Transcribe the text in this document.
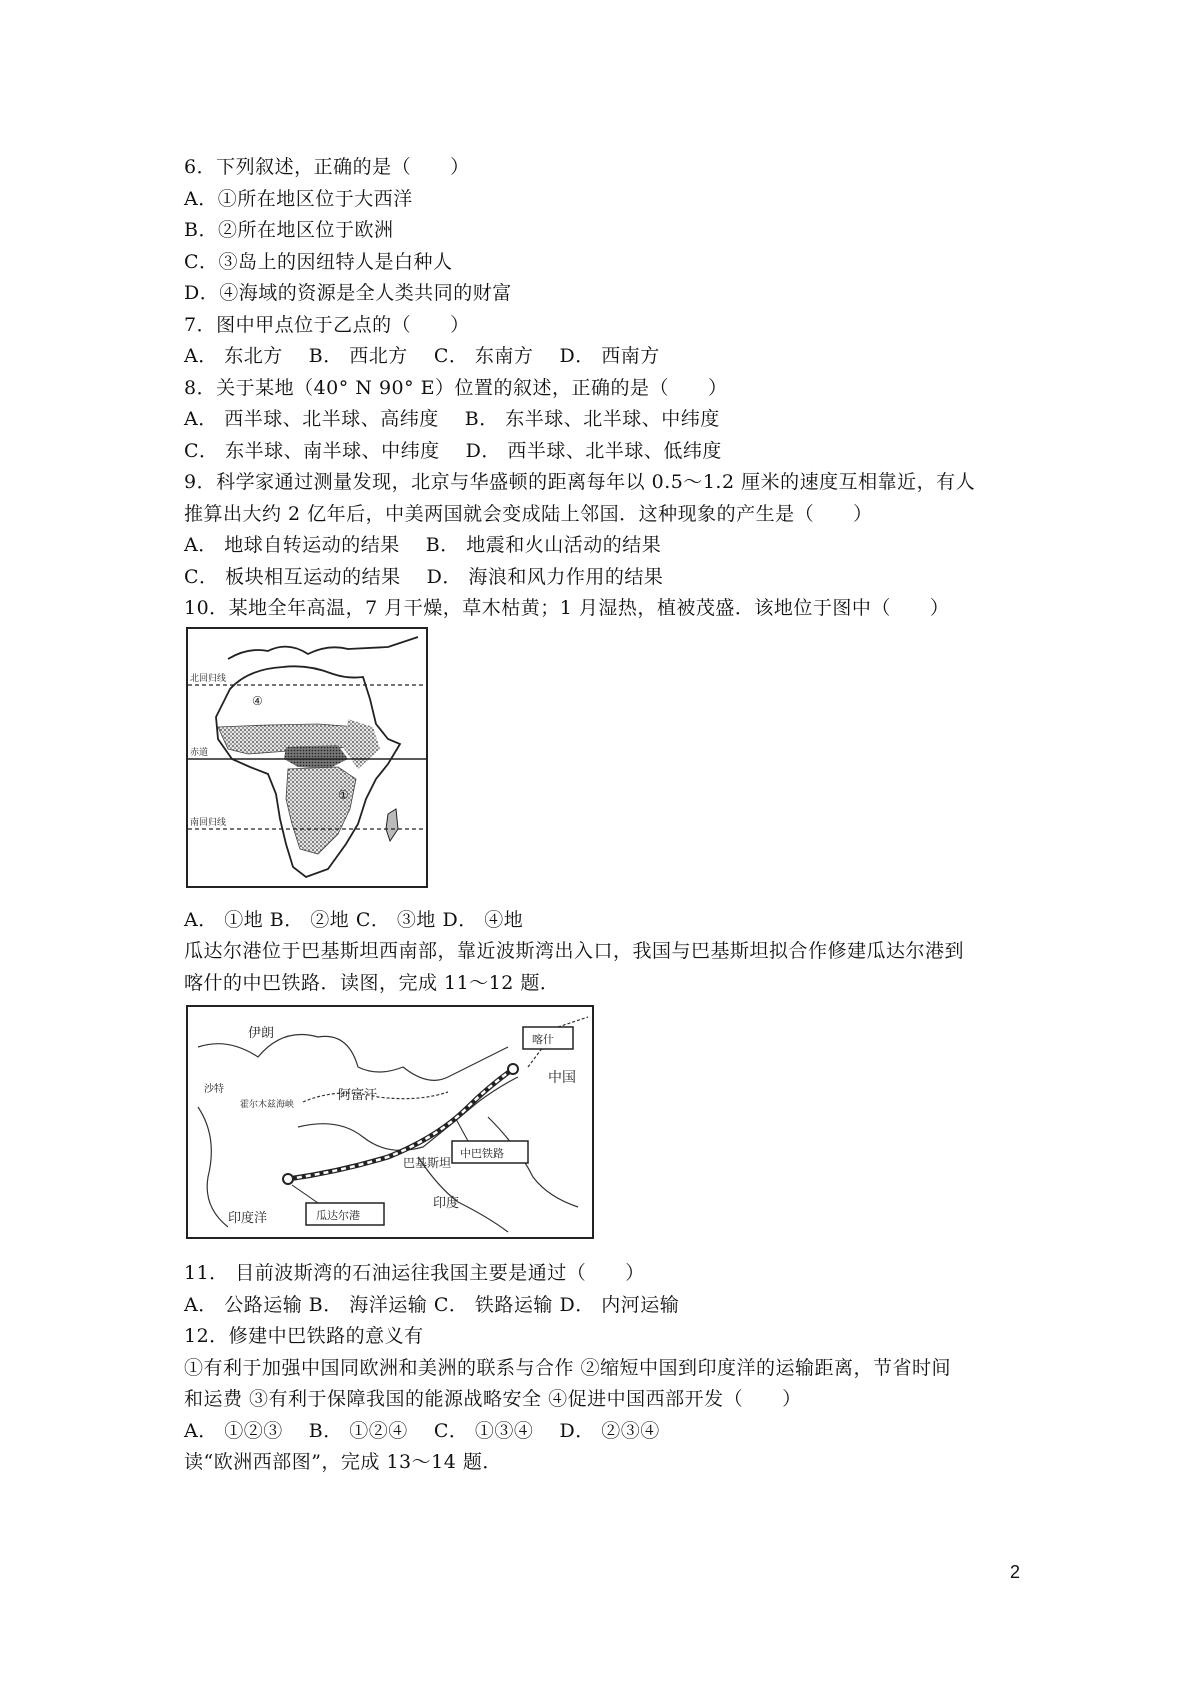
6．下列叙述，正确的是（　　）
A．①所在地区位于大西洋
B．②所在地区位于欧洲
C．③岛上的因纽特人是白种人
D．④海域的资源是全人类共同的财富
7．图中甲点位于乙点的（　　）
A． 东北方　 B． 西北方　 C． 东南方　 D． 西南方
8．关于某地（40° N 90° E）位置的叙述，正确的是（　　）
A． 西半球、北半球、高纬度　 B． 东半球、北半球、中纬度
C． 东半球、南半球、中纬度　 D． 西半球、北半球、低纬度
9．科学家通过测量发现，北京与华盛顿的距离每年以 0.5～1.2 厘米的速度互相靠近，有人
推算出大约 2 亿年后，中美两国就会变成陆上邻国．这种现象的产生是（　　）
A． 地球自转运动的结果　 B． 地震和火山活动的结果
C． 板块相互运动的结果　 D． 海浪和风力作用的结果
10．某地全年高温，7 月干燥，草木枯黄；1 月湿热，植被茂盛．该地位于图中（　　）
北回归线
赤道
南回归线
④
①
A． ①地 B． ②地 C． ③地 D． ④地
瓜达尔港位于巴基斯坦西南部，靠近波斯湾出入口，我国与巴基斯坦拟合作修建瓜达尔港到
喀什的中巴铁路．读图，完成 11～12 题．
伊朗
阿富汗
巴基斯坦
印度
中国
印度洋
霍尔木兹海峡
沙特
喀什
中巴铁路
瓜达尔港
11． 目前波斯湾的石油运往我国主要是通过（　　）
A． 公路运输 B． 海洋运输 C． 铁路运输 D． 内河运输
12．修建中巴铁路的意义有
①有利于加强中国同欧洲和美洲的联系与合作 ②缩短中国到印度洋的运输距离，节省时间
和运费 ③有利于保障我国的能源战略安全 ④促进中国西部开发（　　）
A． ①②③　 B． ①②④　 C． ①③④　 D． ②③④
读“欧洲西部图”，完成 13～14 题．
2
